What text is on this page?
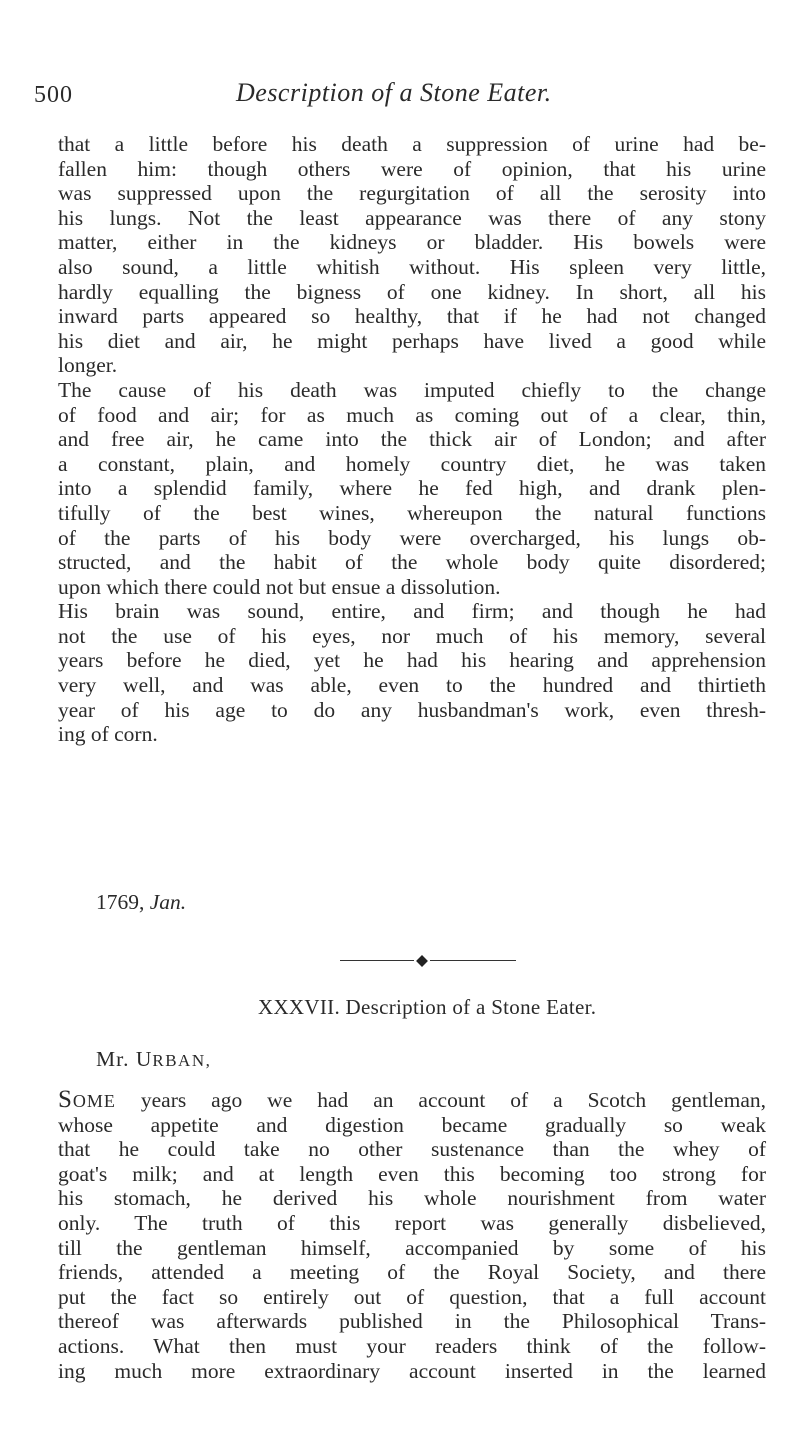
500	Description of a Stone Eater.
that a little before his death a suppression of urine had be-
fallen him: though others were of opinion, that his urine
was suppressed upon the regurgitation of all the serosity into
his lungs. Not the least appearance was there of any stony
matter, either in the kidneys or bladder. His bowels were
also sound, a little whitish without. His spleen very little,
hardly equalling the bigness of one kidney. In short, all his
inward parts appeared so healthy, that if he had not changed
his diet and air, he might perhaps have lived a good while
longer.
The cause of his death was imputed chiefly to the change
of food and air; for as much as coming out of a clear, thin,
and free air, he came into the thick air of London; and after
a constant, plain, and homely country diet, he was taken
into a splendid family, where he fed high, and drank plen-
tifully of the best wines, whereupon the natural functions
of the parts of his body were overcharged, his lungs ob-
structed, and the habit of the whole body quite disordered;
upon which there could not but ensue a dissolution.
His brain was sound, entire, and firm; and though he had
not the use of his eyes, nor much of his memory, several
years before he died, yet he had his hearing and apprehension
very well, and was able, even to the hundred and thirtieth
year of his age to do any husbandman's work, even thresh-
ing of corn.
1769, Jan.
XXXVII. Description of a Stone Eater.
Mr. URBAN,
SOME years ago we had an account of a Scotch gentleman,
whose appetite and digestion became gradually so weak
that he could take no other sustenance than the whey of
goat's milk; and at length even this becoming too strong for
his stomach, he derived his whole nourishment from water
only. The truth of this report was generally disbelieved,
till the gentleman himself, accompanied by some of his
friends, attended a meeting of the Royal Society, and there
put the fact so entirely out of question, that a full account
thereof was afterwards published in the Philosophical Trans-
actions. What then must your readers think of the follow-
ing much more extraordinary account inserted in the learned
